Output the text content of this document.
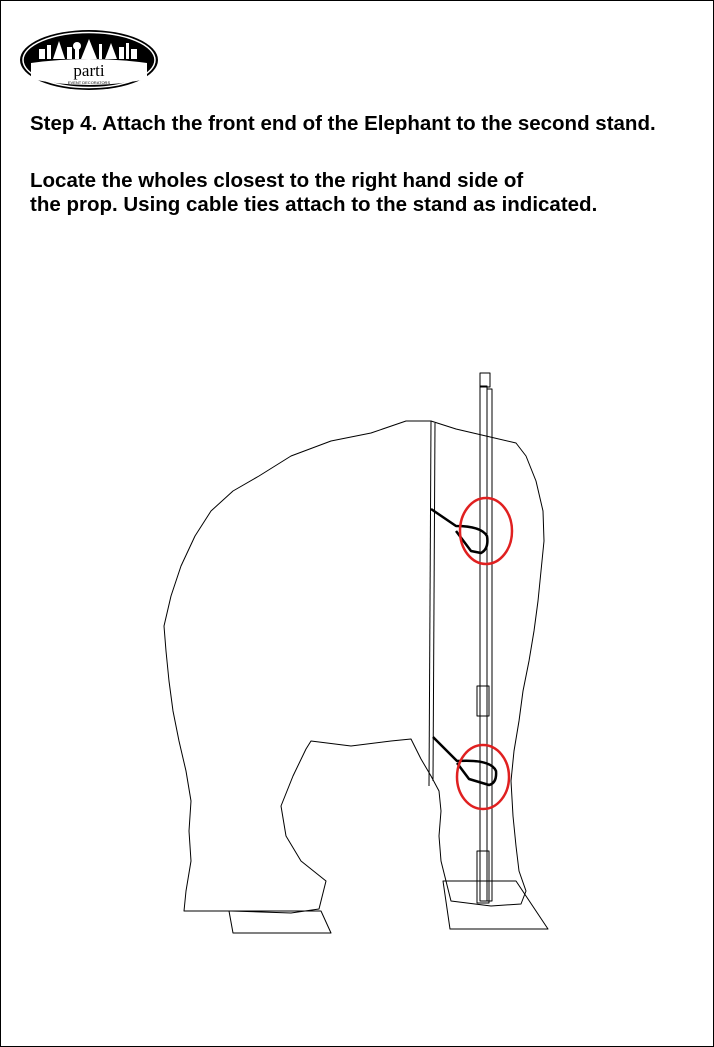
parti
EVENT DECORATORS
Step 4. Attach the front end of the Elephant to the second stand.

Locate the wholes closest to the right hand side of
the prop. Using cable ties attach to the stand as indicated.
